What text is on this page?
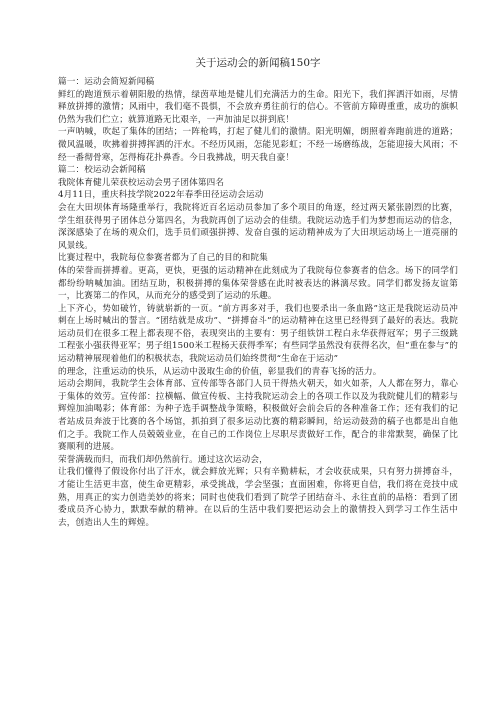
关于运动会的新闻稿150字

篇一：运动会简短新闻稿

鲜红的跑道预示着朝阳般的热情，绿茵草地是健儿们充满活力的生命。阳光下，我们挥洒汗如雨，尽情释放拼搏的激情；风雨中，我们毫不畏惧，不会放弃勇往前行的信心。不管前方障碍重重，成功的旗帜仍然为我们伫立；就算道路无比艰辛，一声加油足以拼到底！

一声呐喊，吹起了集体的团结；一阵枪鸣，打起了健儿们的激情。阳光明媚，朗照着奔跑前进的道路；微风温暖，吹拂着拼搏挥洒的汗水。不经历风雨，怎能见彩虹；不经一场磨练战，怎能迎接大风雨；不经一番彻骨寒，怎得梅花扑鼻香。今日我拂战，明天我自豪！

篇二：校运动会新闻稿

我院体育健儿荣获校运动会男子团体第四名

4月11日，重庆科技学院2022年春季田径运动会运动

会在大田坝体育场隆重举行，我院将近百名运动员参加了多个项目的角逐，经过两天紧张剧烈的比赛，学生组获得男子团体总分第四名，为我院再创了运动会的佳绩。我院运动选手们为梦想而运动的信念，深深感染了在场的观众们，选手员们顽强拼搏、发奋自强的运动精神成为了大田坝运动场上一道亮丽的风景线。

比赛过程中，我院每位参赛者都为了自己的目的和院集

体的荣誉而拼搏着。更高，更快，更强的运动精神在此刻成为了我院每位参赛者的信念。场下的同学们都纷纷呐喊加油。团结互助，积极拼搏的集体荣誉感在此时被表达的淋漓尽致。同学们都发扬友谊第一，比赛第二的作风，从而充分的感受到了运动的乐趣。

上下齐心，势如破竹，铸就崭新的一页。“前方再多对手，我们也要杀出一条血路”这正是我院运动员冲刺在上场时喊出的誓言。“团结就是成功”、“拼搏奋斗”的运动精神在这里已经得到了最好的表达。我院运动员们在很多工程上都表现不俗，表现突出的主要有：男子组铁饼工程白永华获得冠军；男子三级跳工程张小强获得亚军；男子组1500米工程杨天获得季军；有些同学虽然没有获得名次，但“重在参与”的运动精神展现着他们的积极状态，我院运动员们始终贯彻“生命在于运动”

的理念，注重运动的快乐，从运动中汲取生命的价值，彰显我们的青春飞扬的活力。

运动会期间，我院学生会体育部、宣传部等各部门人员干得热火朝天，如火如荼，人人都在努力，靠心于集体的效劳。宣传部：拉横幅、做宣传板、主持我院运动会上的各项工作以及为我院健儿们的精彩与辉煌加油喝彩；体育部：为种子选手调整战争策略，积极做好会前会后的各种准备工作；还有我们的记者站成员奔波于比赛的各个场馆，抓拍到了很多运动比赛的精彩瞬间，给运动鼓劲的稿子也都是出自他们之手。我院工作人员兢兢业业，在自己的工作岗位上尽职尽责做好工作，配合的非常默契，确保了比赛顺利的进展。

荣誉满载而归，而我们却仍然前行。通过这次运动会，

让我们懂得了假设你付出了汗水，就会鲜放光辉；只有辛勤耕耘，才会收获成果，只有努力拼搏奋斗，才能让生活更丰富，使生命更精彩，承受挑战，学会坚强；直面困难，你将更自信，我们将在竞技中成熟，用真正的实力创造美妙的将来；同时也使我们看到了院学子团结奋斗、永往直前的品格：看到了团委成员齐心协力，默默奉献的精神。在以后的生活中我们要把运动会上的激情投入到学习工作生活中去，创造出人生的辉煌。
